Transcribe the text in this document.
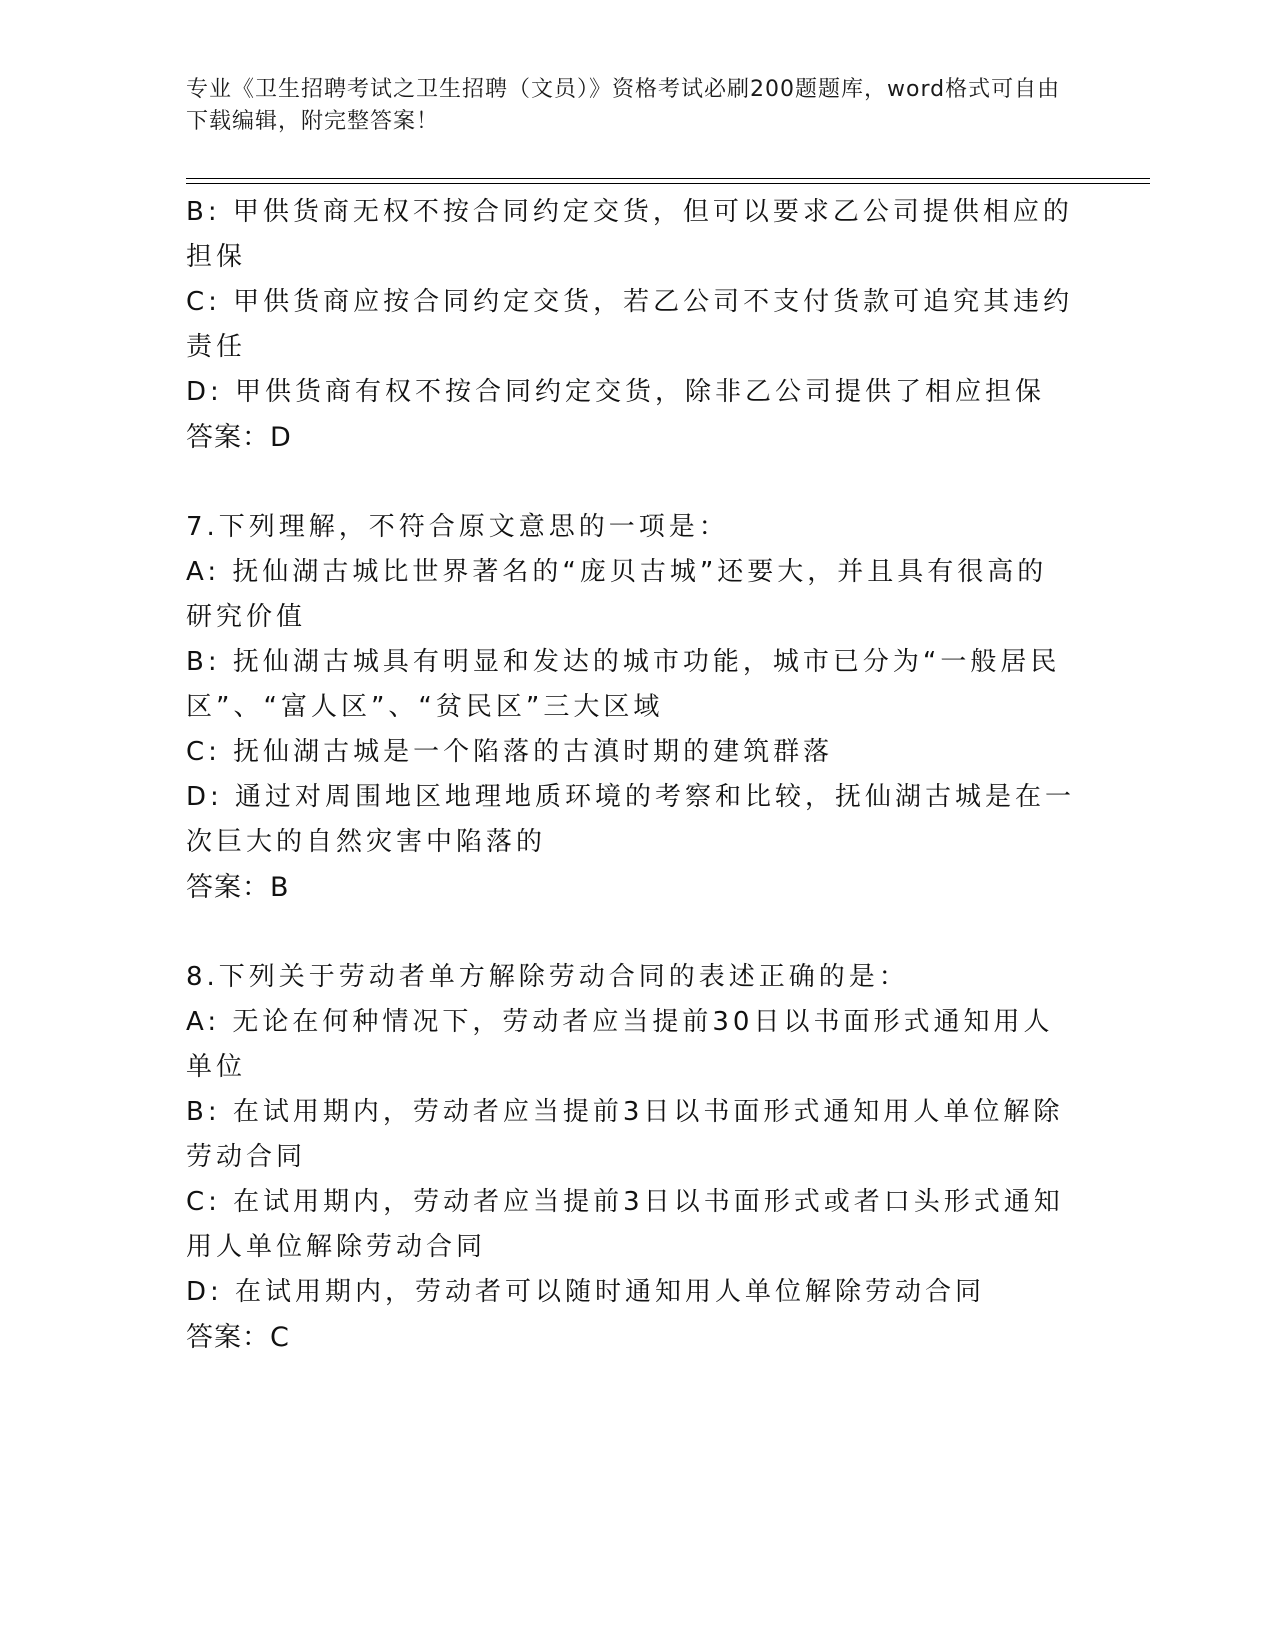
专业《卫生招聘考试之卫生招聘（文员）》资格考试必刷200题题库，word格式可自由下载编辑，附完整答案！

B: 甲供货商无权不按合同约定交货，但可以要求乙公司提供相应的担保

C: 甲供货商应按合同约定交货，若乙公司不支付货款可追究其违约责任

D: 甲供货商有权不按合同约定交货，除非乙公司提供了相应担保

答案：D

7.下列理解，不符合原文意思的一项是：

A: 抚仙湖古城比世界著名的“庞贝古城”还要大，并且具有很高的研究价值

B: 抚仙湖古城具有明显和发达的城市功能，城市已分为“一般居民区”、“富人区”、“贫民区”三大区域

C: 抚仙湖古城是一个陷落的古滇时期的建筑群落

D: 通过对周围地区地理地质环境的考察和比较，抚仙湖古城是在一次巨大的自然灾害中陷落的

答案：B

8.下列关于劳动者单方解除劳动合同的表述正确的是：

A: 无论在何种情况下，劳动者应当提前30日以书面形式通知用人单位

B: 在试用期内，劳动者应当提前3日以书面形式通知用人单位解除劳动合同

C: 在试用期内，劳动者应当提前3日以书面形式或者口头形式通知用人单位解除劳动合同

D: 在试用期内，劳动者可以随时通知用人单位解除劳动合同

答案：C
